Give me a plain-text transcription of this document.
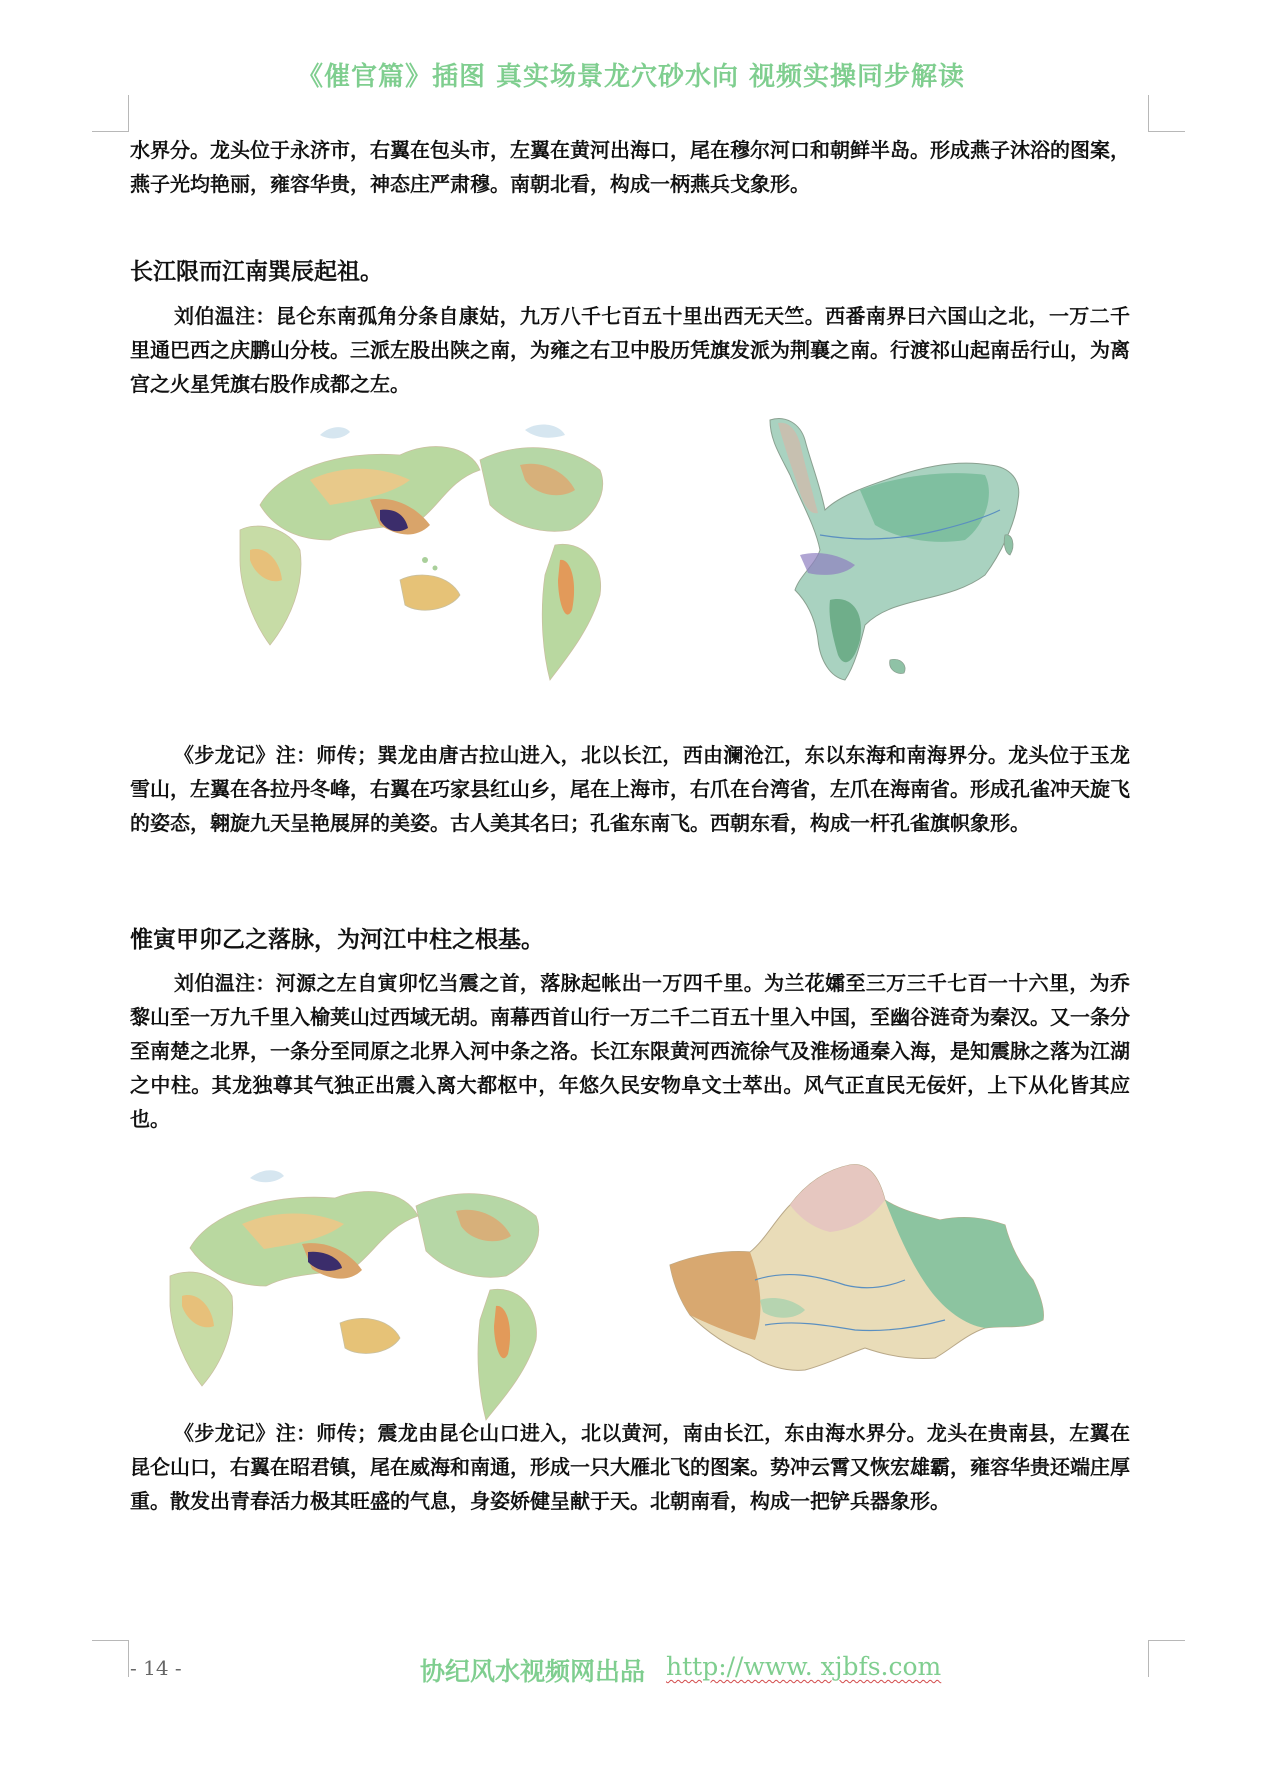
《催官篇》插图 真实场景龙穴砂水向 视频实操同步解读

水界分。龙头位于永济市，右翼在包头市，左翼在黄河出海口，尾在穆尔河口和朝鲜半岛。形成燕子沐浴的图案，燕子光均艳丽，雍容华贵，神态庄严肃穆。南朝北看，构成一柄燕兵戈象形。

长江限而江南巽辰起祖。

刘伯温注：昆仑东南孤角分条自康姑，九万八千七百五十里出西无天竺。西番南界曰六国山之北，一万二千里通巴西之庆鹏山分枝。三派左股出陕之南，为雍之右卫中股历凭旗发派为荆襄之南。行渡祁山起南岳行山，为离宫之火星凭旗右股作成都之左。

《步龙记》注：师传；巽龙由唐古拉山进入，北以长江，西由澜沧江，东以东海和南海界分。龙头位于玉龙雪山，左翼在各拉丹冬峰，右翼在巧家县红山乡，尾在上海市，右爪在台湾省，左爪在海南省。形成孔雀冲天旋飞的姿态，翱旋九天呈艳展屏的美姿。古人美其名曰；孔雀东南飞。西朝东看，构成一杆孔雀旗帜象形。

惟寅甲卯乙之落脉，为河江中柱之根基。

刘伯温注：河源之左自寅卯忆当震之首，落脉起帐出一万四千里。为兰花孀至三万三千七百一十六里，为乔黎山至一万九千里入榆荚山过西域无胡。南幕西首山行一万二千二百五十里入中国，至幽谷涟奇为秦汉。又一条分至南楚之北界，一条分至同原之北界入河中条之洛。长江东限黄河西流徐气及淮杨通秦入海，是知震脉之落为江湖之中柱。其龙独尊其气独正出震入离大都枢中，年悠久民安物阜文士萃出。风气正直民无佞奸，上下从化皆其应也。

《步龙记》注：师传；震龙由昆仑山口进入，北以黄河，南由长江，东由海水界分。龙头在贵南县，左翼在昆仑山口，右翼在昭君镇，尾在威海和南通，形成一只大雁北飞的图案。势冲云霄又恢宏雄霸，雍容华贵还端庄厚重。散发出青春活力极其旺盛的气息，身姿娇健呈献于天。北朝南看，构成一把铲兵器象形。

- 14 -	协纪风水视频网出品 http://www. xjbfs.com
